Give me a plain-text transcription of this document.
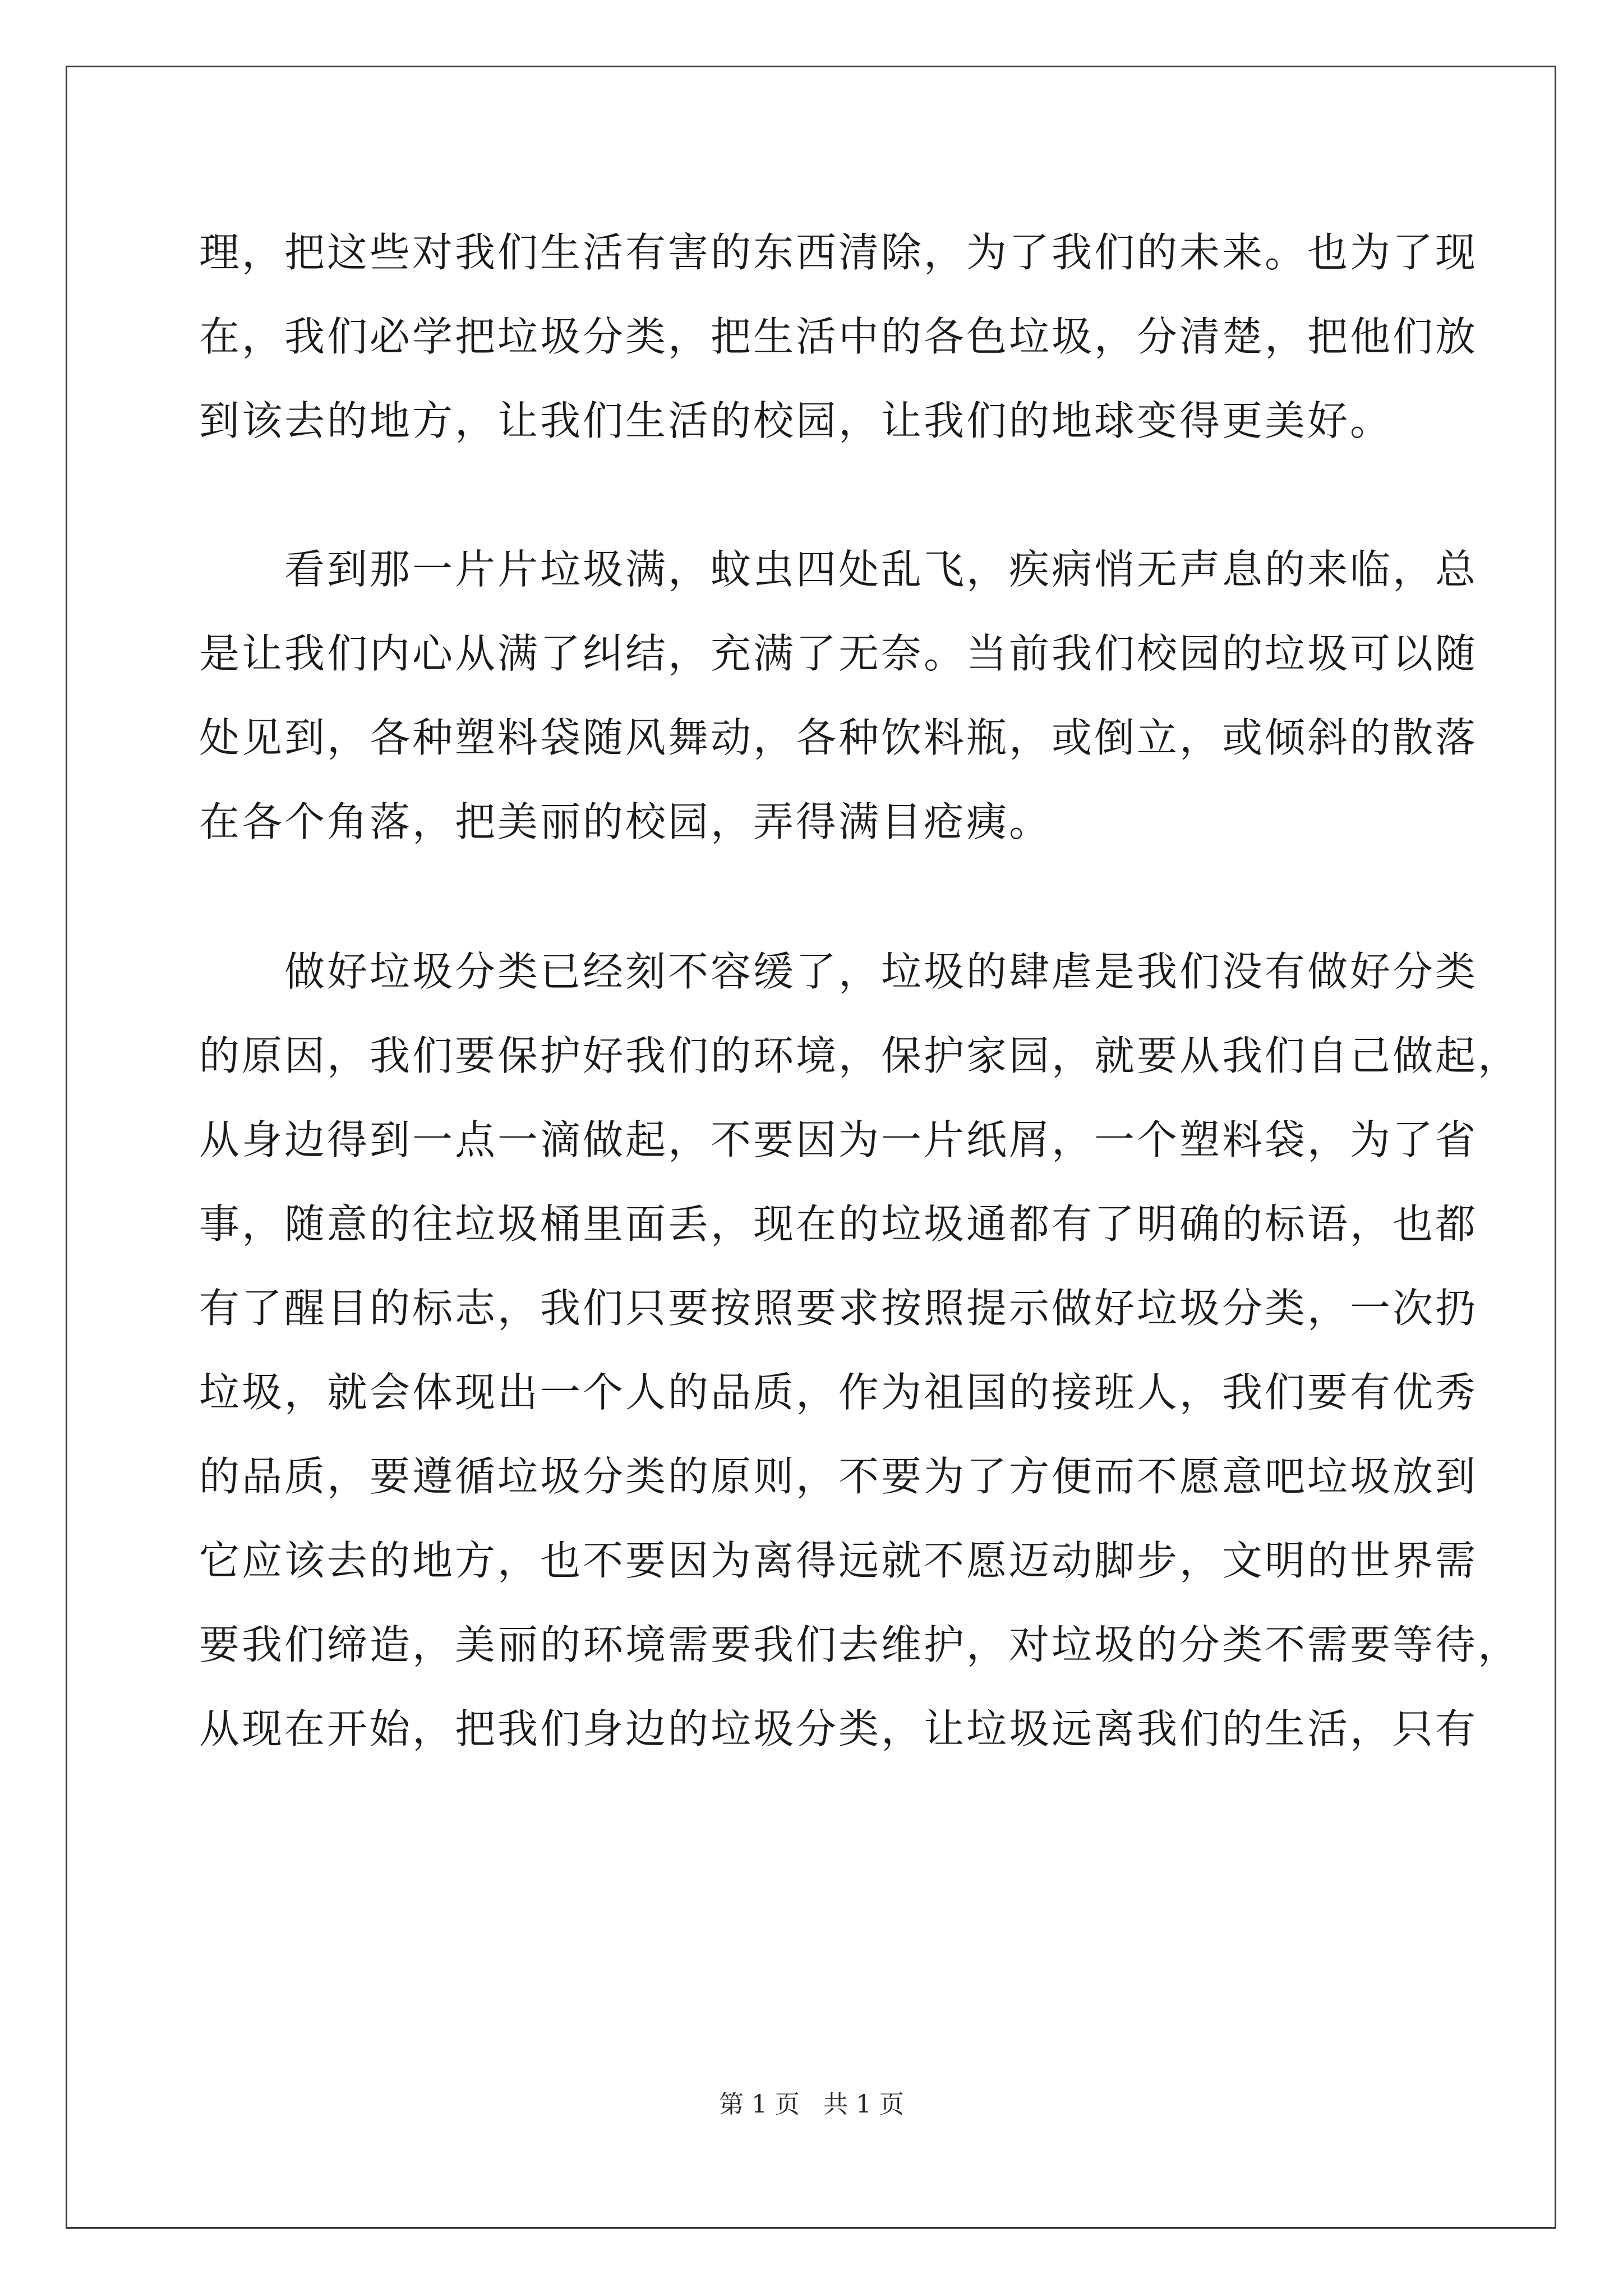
理，把这些对我们生活有害的东西清除，为了我们的未来。也为了现
在，我们必学把垃圾分类，把生活中的各色垃圾，分清楚，把他们放
到该去的地方，让我们生活的校园，让我们的地球变得更美好。
　　看到那一片片垃圾满，蚊虫四处乱飞，疾病悄无声息的来临，总
是让我们内心从满了纠结，充满了无奈。当前我们校园的垃圾可以随
处见到，各种塑料袋随风舞动，各种饮料瓶，或倒立，或倾斜的散落
在各个角落，把美丽的校园，弄得满目疮痍。
　　做好垃圾分类已经刻不容缓了，垃圾的肆虐是我们没有做好分类
的原因，我们要保护好我们的环境，保护家园，就要从我们自己做起，
从身边得到一点一滴做起，不要因为一片纸屑，一个塑料袋，为了省
事，随意的往垃圾桶里面丢，现在的垃圾通都有了明确的标语，也都
有了醒目的标志，我们只要按照要求按照提示做好垃圾分类，一次扔
垃圾，就会体现出一个人的品质，作为祖国的接班人，我们要有优秀
的品质，要遵循垃圾分类的原则，不要为了方便而不愿意吧垃圾放到
它应该去的地方，也不要因为离得远就不愿迈动脚步，文明的世界需
要我们缔造，美丽的环境需要我们去维护，对垃圾的分类不需要等待，
从现在开始，把我们身边的垃圾分类，让垃圾远离我们的生活，只有
第 1 页 共 1 页
